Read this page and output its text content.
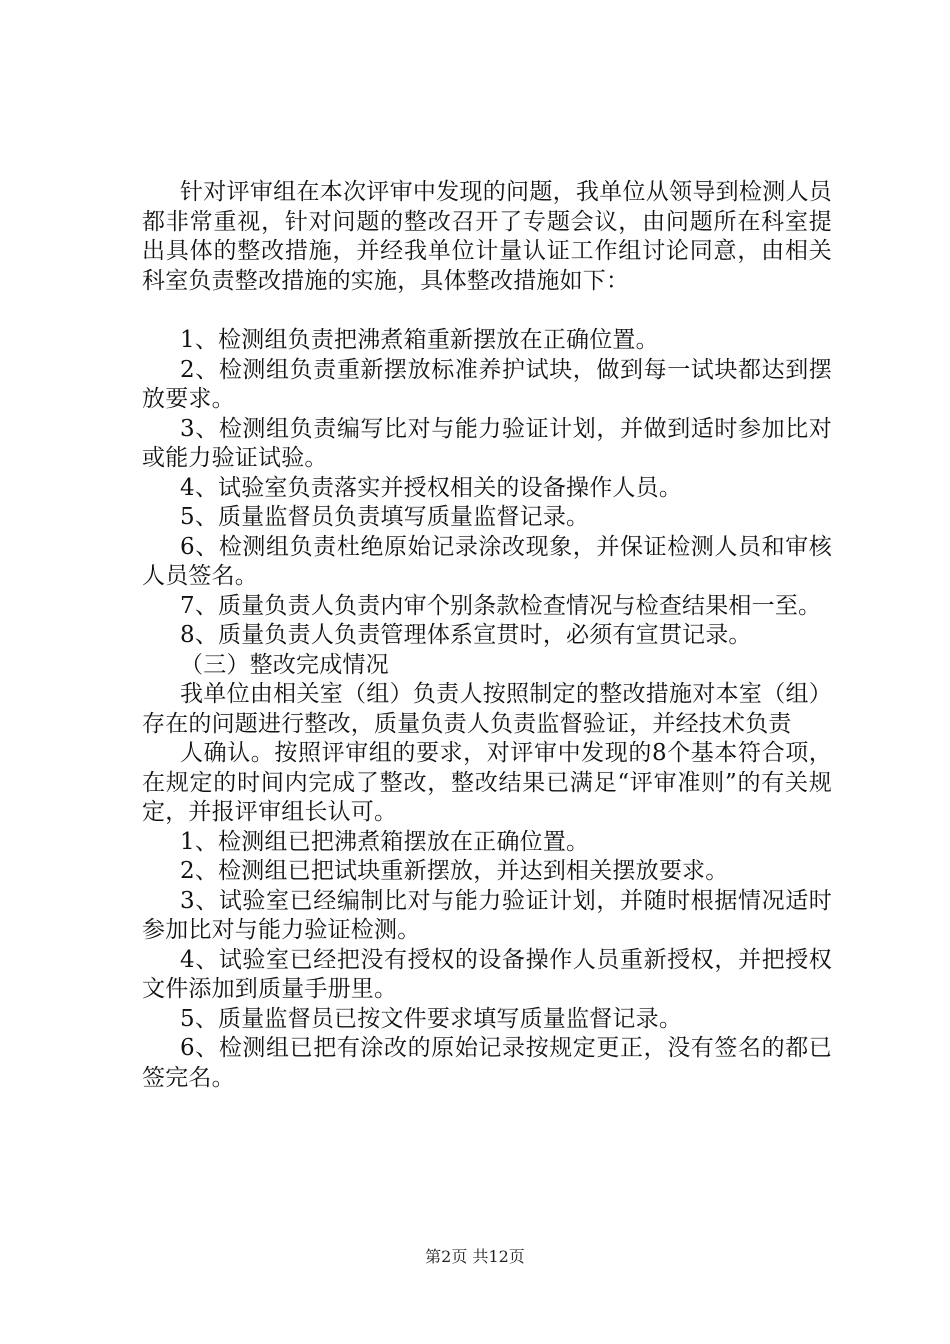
针对评审组在本次评审中发现的问题，我单位从领导到检测人员都非常重视，针对问题的整改召开了专题会议，由问题所在科室提出具体的整改措施，并经我单位计量认证工作组讨论同意，由相关科室负责整改措施的实施，具体整改措施如下：

1、检测组负责把沸煮箱重新摆放在正确位置。

2、检测组负责重新摆放标准养护试块，做到每一试块都达到摆放要求。

3、检测组负责编写比对与能力验证计划，并做到适时参加比对或能力验证试验。

4、试验室负责落实并授权相关的设备操作人员。

5、质量监督员负责填写质量监督记录。

6、检测组负责杜绝原始记录涂改现象，并保证检测人员和审核人员签名。

7、质量负责人负责内审个别条款检查情况与检查结果相一至。

8、质量负责人负责管理体系宣贯时，必须有宣贯记录。

（三）整改完成情况

我单位由相关室（组）负责人按照制定的整改措施对本室（组）存在的问题进行整改，质量负责人负责监督验证，并经技术负责

人确认。按照评审组的要求，对评审中发现的8个基本符合项，在规定的时间内完成了整改，整改结果已满足“评审准则”的有关规定，并报评审组长认可。

1、检测组已把沸煮箱摆放在正确位置。

2、检测组已把试块重新摆放，并达到相关摆放要求。

3、试验室已经编制比对与能力验证计划，并随时根据情况适时参加比对与能力验证检测。

4、试验室已经把没有授权的设备操作人员重新授权，并把授权文件添加到质量手册里。

5、质量监督员已按文件要求填写质量监督记录。

6、检测组已把有涂改的原始记录按规定更正，没有签名的都已签完名。

第2页 共12页
